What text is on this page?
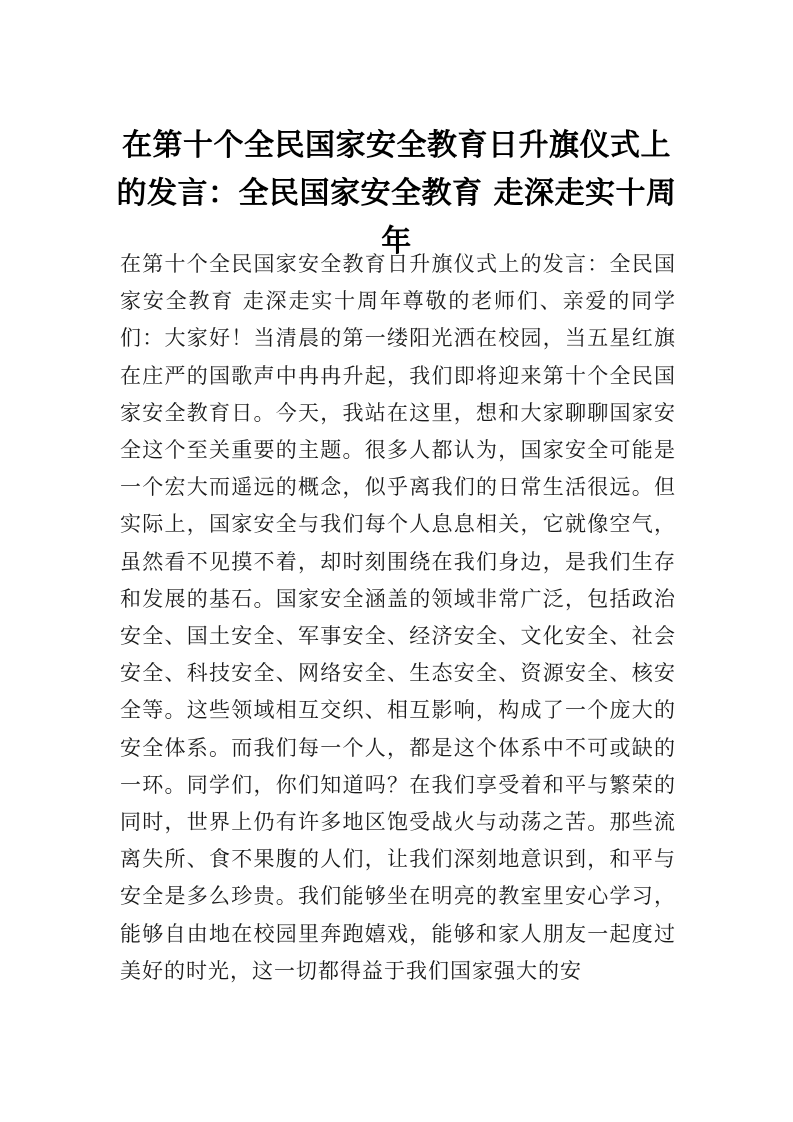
在第十个全民国家安全教育日升旗仪式上
的发言：全民国家安全教育 走深走实十周年

在第十个全民国家安全教育日升旗仪式上的发言：全民国家安全教育 走深走实十周年尊敬的老师们、亲爱的同学们：大家好！当清晨的第一缕阳光洒在校园，当五星红旗在庄严的国歌声中冉冉升起，我们即将迎来第十个全民国家安全教育日。今天，我站在这里，想和大家聊聊国家安全这个至关重要的主题。很多人都认为，国家安全可能是一个宏大而遥远的概念，似乎离我们的日常生活很远。但实际上，国家安全与我们每个人息息相关，它就像空气，虽然看不见摸不着，却时刻围绕在我们身边，是我们生存和发展的基石。国家安全涵盖的领域非常广泛，包括政治安全、国土安全、军事安全、经济安全、文化安全、社会安全、科技安全、网络安全、生态安全、资源安全、核安全等。这些领域相互交织、相互影响，构成了一个庞大的安全体系。而我们每一个人，都是这个体系中不可或缺的一环。同学们，你们知道吗？在我们享受着和平与繁荣的同时，世界上仍有许多地区饱受战火与动荡之苦。那些流离失所、食不果腹的人们，让我们深刻地意识到，和平与安全是多么珍贵。我们能够坐在明亮的教室里安心学习，能够自由地在校园里奔跑嬉戏，能够和家人朋友一起度过美好的时光，这一切都得益于我们国家强大的安
